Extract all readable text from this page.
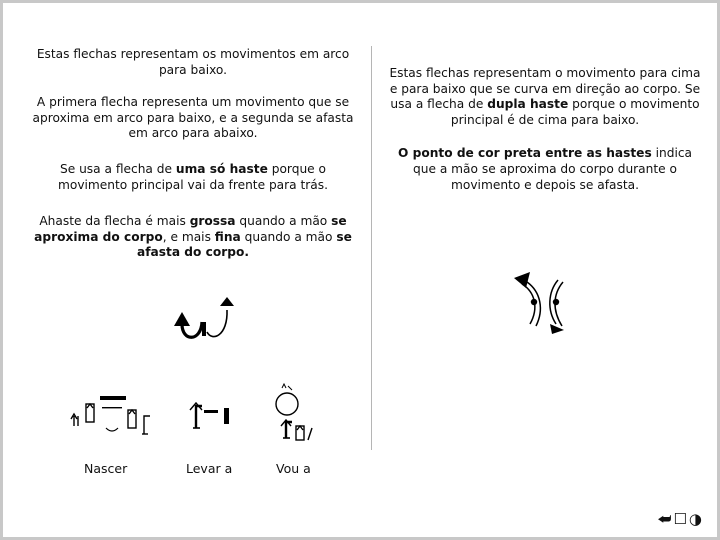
Estas flechas representam os movimentos em arco para baixo.

A primera flecha representa um movimento que se aproxima em arco para baixo, e a segunda se afasta em arco para abaixo.

Se usa a flecha de uma só haste porque o movimento principal vai da frente para trás.

Ahaste da flecha é mais grossa quando a mão se aproxima do corpo, e mais fina quando a mão se afasta do corpo.

Estas flechas representam o movimento para cima e para baixo que se curva em direção ao corpo. Se usa a flecha de dupla haste porque o movimento principal é de cima para baixo.

O ponto de cor preta entre as hastes indica que a mão se aproxima do corpo durante o movimento e depois se afasta.

Nascer	Levar a	Vou a
⮨ ☐ ◑
